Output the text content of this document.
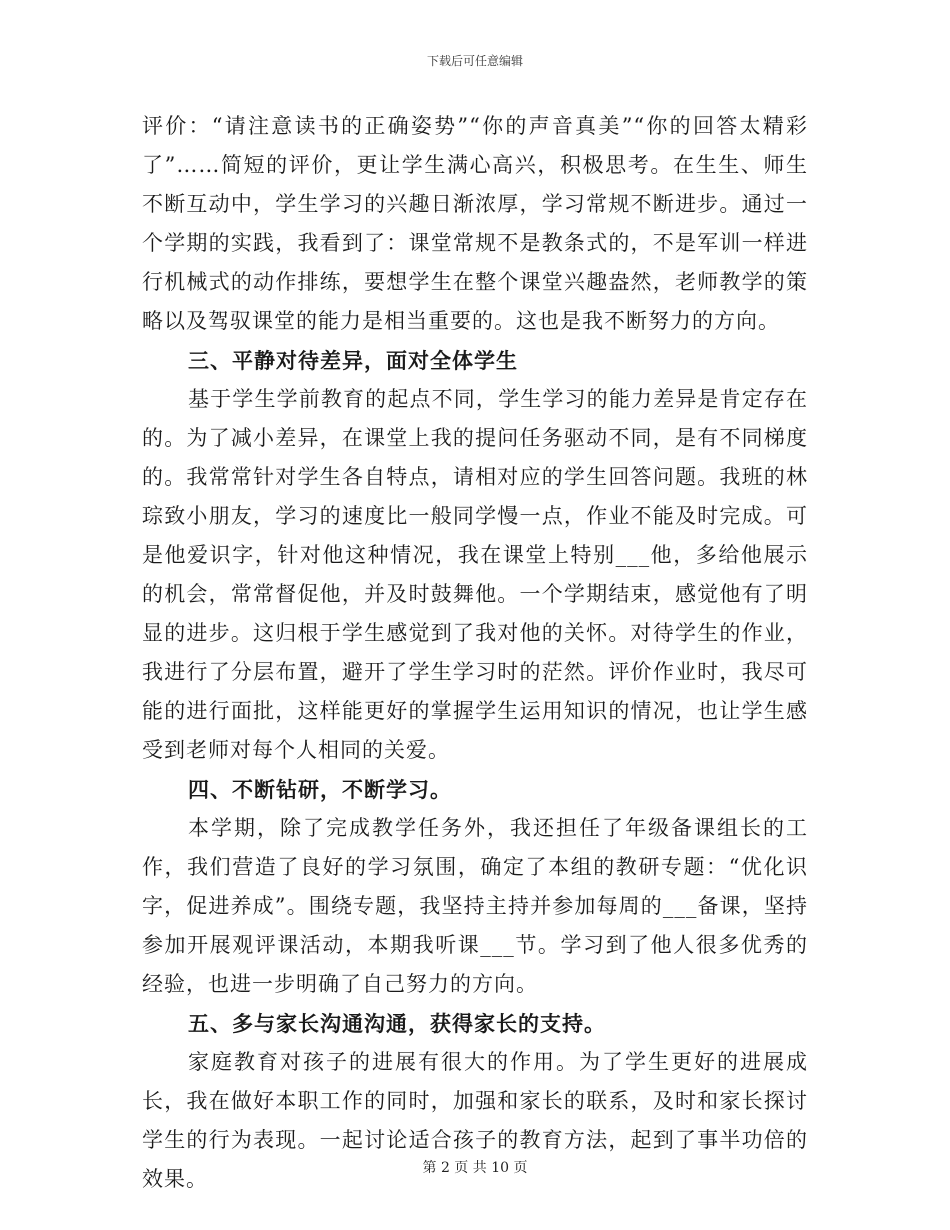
下载后可任意编辑

评价：“请注意读书的正确姿势”“你的声音真美”“你的回答太精彩了”……简短的评价，更让学生满心高兴，积极思考。在生生、师生不断互动中，学生学习的兴趣日渐浓厚，学习常规不断进步。通过一个学期的实践，我看到了：课堂常规不是教条式的，不是军训一样进行机械式的动作排练，要想学生在整个课堂兴趣盎然，老师教学的策略以及驾驭课堂的能力是相当重要的。这也是我不断努力的方向。

三、平静对待差异，面对全体学生

基于学生学前教育的起点不同，学生学习的能力差异是肯定存在的。为了减小差异，在课堂上我的提问任务驱动不同，是有不同梯度的。我常常针对学生各自特点，请相对应的学生回答问题。我班的林琮致小朋友，学习的速度比一般同学慢一点，作业不能及时完成。可是他爱识字，针对他这种情况，我在课堂上特别___他，多给他展示的机会，常常督促他，并及时鼓舞他。一个学期结束，感觉他有了明显的进步。这归根于学生感觉到了我对他的关怀。对待学生的作业，我进行了分层布置，避开了学生学习时的茫然。评价作业时，我尽可能的进行面批，这样能更好的掌握学生运用知识的情况，也让学生感受到老师对每个人相同的关爱。

四、不断钻研，不断学习。

本学期，除了完成教学任务外，我还担任了年级备课组长的工作，我们营造了良好的学习氛围，确定了本组的教研专题：“优化识字，促进养成”。围绕专题，我坚持主持并参加每周的___备课，坚持参加开展观评课活动，本期我听课___节。学习到了他人很多优秀的经验，也进一步明确了自己努力的方向。

五、多与家长沟通沟通，获得家长的支持。

家庭教育对孩子的进展有很大的作用。为了学生更好的进展成长，我在做好本职工作的同时，加强和家长的联系，及时和家长探讨学生的行为表现。一起讨论适合孩子的教育方法，起到了事半功倍的效果。	第 2 页 共 10 页
